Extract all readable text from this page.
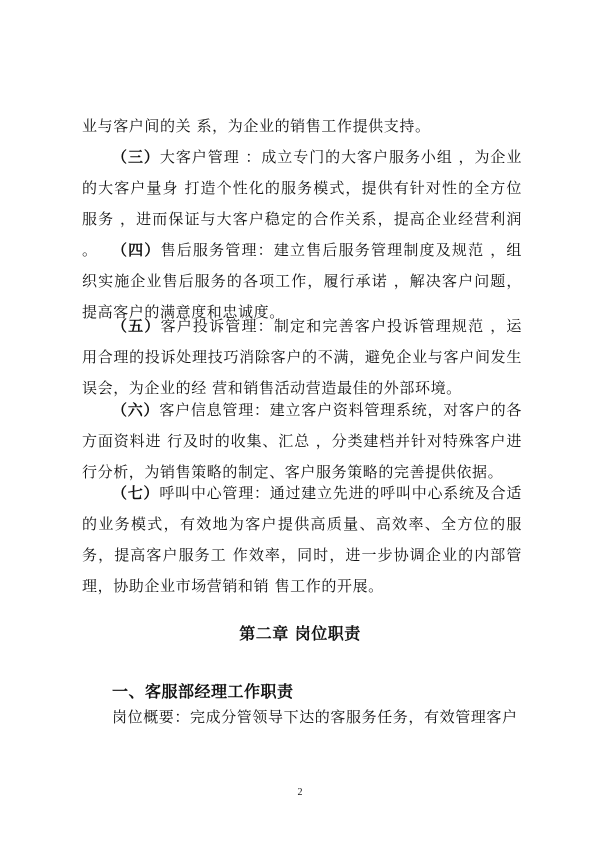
业与客户间的关 系，为企业的销售工作提供支持。

（三）大客户管理 ：成立专门的大客户服务小组 ，为企业的大客户量身 打造个性化的服务模式，提供有针对性的全方位服务 ，进而保证与大客户稳定的合作关系，提高企业经营利润 。 （四）售后服务管理：建立售后服务管理制度及规范 ，组织实施企业售后服务的各项工作，履行承诺 ，解决客户问题，提高客户的满意度和忠诚度。

（五）客户投诉管理：制定和完善客户投诉管理规范 ，运用合理的投诉处理技巧消除客户的不满，避免企业与客户间发生误会，为企业的经 营和销售活动营造最佳的外部环境。

（六）客户信息管理：建立客户资料管理系统，对客户的各方面资料进 行及时的收集、汇总 ，分类建档并针对特殊客户进行分析，为销售策略的制定、客户服务策略的完善提供依据。

（七）呼叫中心管理：通过建立先进的呼叫中心系统及合适的业务模式，有效地为客户提供高质量、高效率、全方位的服务，提高客户服务工 作效率，同时，进一步协调企业的内部管理，协助企业市场营销和销 售工作的开展。

第二章 岗位职责
一、客服部经理工作职责

岗位概要：完成分管领导下达的客服务任务，有效管理客户

2
